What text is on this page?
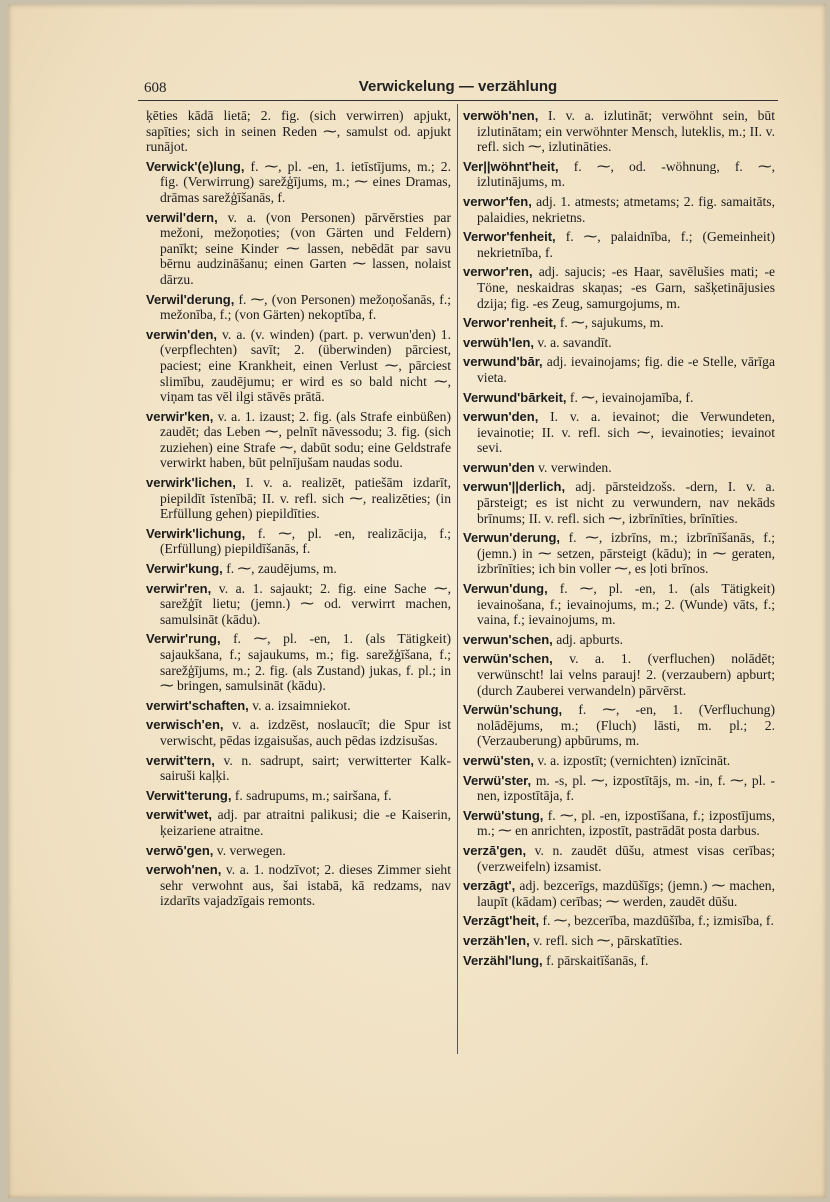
608	Verwickelung — verzählung

ķēties kādā lietā; 2. fig. (sich verwirren) apjukt, sapīties; sich in seinen Reden ⁓, samulst od. apjukt runājot.

Verwick'(e)lung, f. ⁓, pl. -en, 1. ietīstījums, m.; 2. fig. (Verwirrung) sarežģījums, m.; ⁓ eines Dramas, drāmas sarežģīšanās, f.

verwil'dern, v. a. (von Personen) pārvērsties par mežoni, mežoņoties; (von Gärten und Feldern) panīkt; seine Kinder ⁓ lassen, nebēdāt par savu bērnu audzināšanu; einen Garten ⁓ lassen, nolaist dārzu.

Verwil'derung, f. ⁓, (von Personen) mežoņošanās, f.; mežonība, f.; (von Gärten) nekoptība, f.

verwin'den, v. a. (v. winden) (part. p. verwun'den) 1. (verpflechten) savīt; 2. (überwinden) pārciest, paciest; eine Krankheit, einen Verlust ⁓, pārciest slimību, zaudējumu; er wird es so bald nicht ⁓, viņam tas vēl ilgi stāvēs prātā.

verwir'ken, v. a. 1. izaust; 2. fig. (als Strafe einbüßen) zaudēt; das Leben ⁓, pelnīt nāvessodu; 3. fig. (sich zuziehen) eine Strafe ⁓, dabūt sodu; eine Geldstrafe verwirkt haben, būt pelnījušam naudas sodu.

verwirk'lichen, I. v. a. realizēt, patiešām izdarīt, piepildīt īstenībā; II. v. refl. sich ⁓, realizēties; (in Erfüllung gehen) piepildīties.

Verwirk'lichung, f. ⁓, pl. -en, realizācija, f.; (Erfüllung) piepildīšanās, f.

Verwir'kung, f. ⁓, zaudējums, m.

verwir'ren, v. a. 1. sajaukt; 2. fig. eine Sache ⁓, sarežģīt lietu; (jemn.) ⁓ od. verwirrt machen, samulsināt (kādu).

Verwir'rung, f. ⁓, pl. -en, 1. (als Tätigkeit) sajaukšana, f.; sajaukums, m.; fig. sarežģīšana, f.; sarežģījums, m.; 2. fig. (als Zustand) jukas, f. pl.; in ⁓ bringen, samulsināt (kādu).

verwirt'schaften, v. a. izsaimniekot.

verwisch'en, v. a. izdzēst, noslaucīt; die Spur ist verwischt, pēdas izgaisušas, auch pēdas izdzisušas.

verwit'tern, v. n. sadrupt, sairt; verwitterter Kalk- sairuši kaļķi.

Verwit'terung, f. sadrupums, m.; sairšana, f.

verwit'wet, adj. par atraitni palikusi; die -e Kaiserin, ķeizariene atraitne.

verwō'gen, v. verwegen.

verwoh'nen, v. a. 1. nodzīvot; 2. dieses Zimmer sieht sehr verwohnt aus, šai istabā, kā redzams, nav izdarīts vajadzīgais remonts.

verwöh'nen, I. v. a. izlutināt; verwöhnt sein, būt izlutinātam; ein verwöhnter Mensch, luteklis, m.; II. v. refl. sich ⁓, izlutināties.

Ver||wöhnt'heit, f. ⁓, od. -wöhnung, f. ⁓, izlutinājums, m.

verwor'fen, adj. 1. atmests; atmetams; 2. fig. samaitāts, palaidies, nekrietns.

Verwor'fenheit, f. ⁓, palaidnība, f.; (Gemeinheit) nekrietnība, f.

verwor'ren, adj. sajucis; -es Haar, savēlušies mati; -e Töne, neskaidras skaņas; -es Garn, sašķetinājusies dzija; fig. -es Zeug, samurgojums, m.

Verwor'renheit, f. ⁓, sajukums, m.

verwüh'len, v. a. savandīt.

verwund'bār, adj. ievainojams; fig. die -e Stelle, vārīga vieta.

Verwund'bārkeit, f. ⁓, ievainojamība, f.

verwun'den, I. v. a. ievainot; die Verwundeten, ievainotie; II. v. refl. sich ⁓, ievainoties; ievainot sevi.

verwun'den v. verwinden.

verwun'||derlich, adj. pārsteidzošs. -dern, I. v. a. pārsteigt; es ist nicht zu verwundern, nav nekāds brīnums; II. v. refl. sich ⁓, izbrīnīties, brīnīties.

Verwun'derung, f. ⁓, izbrīns, m.; izbrīnīšanās, f.; (jemn.) in ⁓ setzen, pārsteigt (kādu); in ⁓ geraten, izbrīnīties; ich bin voller ⁓, es ļoti brīnos.

Verwun'dung, f. ⁓, pl. -en, 1. (als Tätigkeit) ievainošana, f.; ievainojums, m.; 2. (Wunde) vāts, f.; vaina, f.; ievainojums, m.

verwun'schen, adj. apburts.

verwün'schen, v. a. 1. (verfluchen) nolādēt; verwünscht! lai velns parauj! 2. (verzaubern) apburt; (durch Zauberei verwandeln) pārvērst.

Verwün'schung, f. ⁓, -en, 1. (Verfluchung) nolādējums, m.; (Fluch) lāsti, m. pl.; 2. (Verzauberung) apbūrums, m.

verwü'sten, v. a. izpostīt; (vernichten) iznīcināt.

Verwü'ster, m. -s, pl. ⁓, izpostītājs, m. -in, f. ⁓, pl. -nen, izpostītāja, f.

Verwü'stung, f. ⁓, pl. -en, izpostīšana, f.; izpostījums, m.; ⁓ en anrichten, izpostīt, pastrādāt posta darbus.

verzā'gen, v. n. zaudēt dūšu, atmest visas cerības; (verzweifeln) izsamist.

verzāgt', adj. bezcerīgs, mazdūšīgs; (jemn.) ⁓ machen, laupīt (kādam) cerības; ⁓ werden, zaudēt dūšu.

Verzāgt'heit, f. ⁓, bezcerība, mazdūšība, f.; izmisība, f.

verzäh'len, v. refl. sich ⁓, pārskatīties.

Verzähl'lung, f. pārskaitīšanās, f.
